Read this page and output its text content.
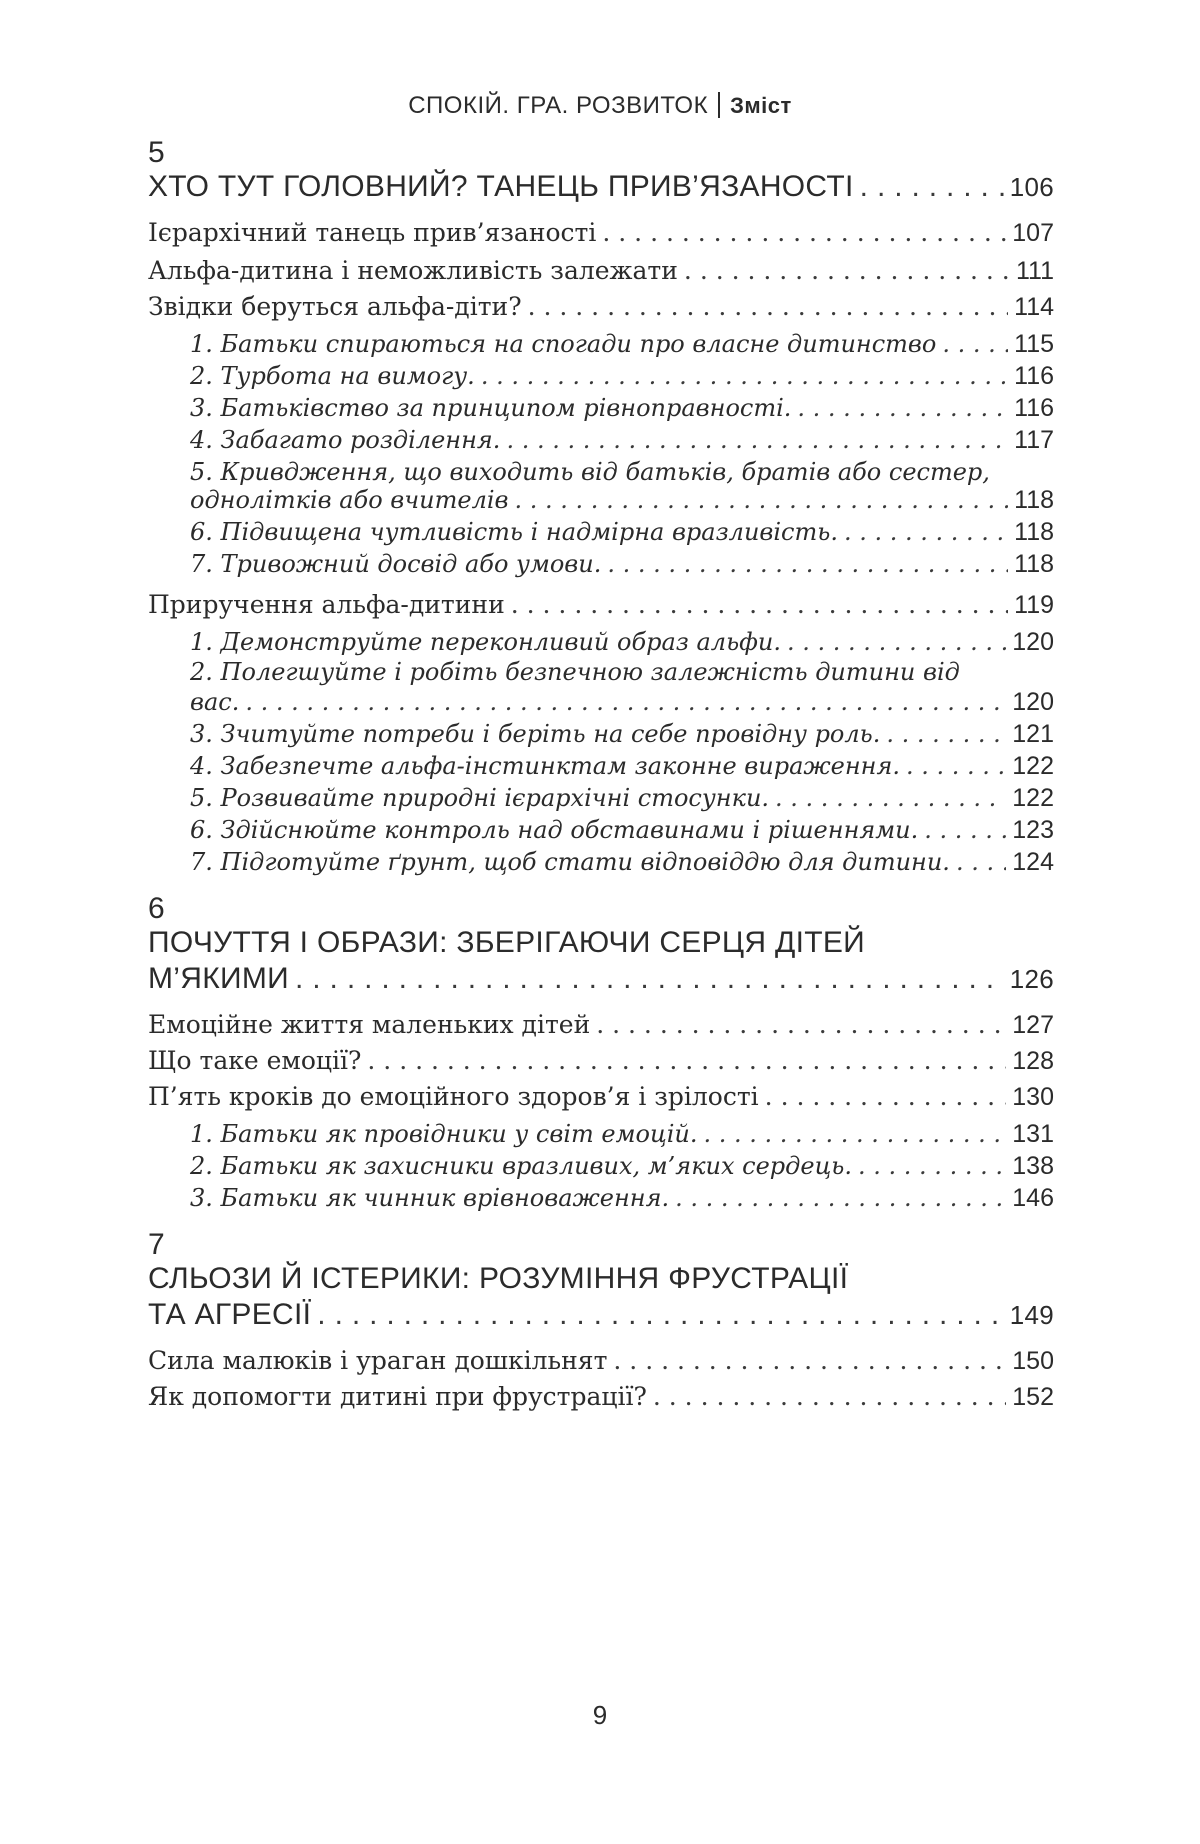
СПОКІЙ. ГРА. РОЗВИТОК Зміст
5
ХТО ТУТ ГОЛОВНИЙ? ТАНЕЦЬ ПРИВ’ЯЗАНОСТІ . . .	106
Ієрархічний танець прив’язаності . . .	107
Альфа-дитина і неможливість залежати . . .	111
Звідки беруться альфа-діти? . . .	114
1. Батьки спираються на спогади про власне дитинство . . .	115
2. Турбота на вимогу. . . .	116
3. Батьківство за принципом рівноправності. . . .	116
4. Забагато розділення. . . .	117
5. Кривдження, що виходить від батьків, братів або сестер,
однолітків або вчителів . . .	118
6. Підвищена чутливість і надмірна вразливість. . . .	118
7. Тривожний досвід або умови. . . .	118
Приручення альфа-дитини . . .	119
1. Демонструйте переконливий образ альфи. . . .	120
2. Полегшуйте і робіть безпечною залежність дитини від
вас. . . .	120
3. Зчитуйте потреби і беріть на себе провідну роль. . . .	121
4. Забезпечте альфа-інстинктам законне вираження. . . .	122
5. Розвивайте природні ієрархічні стосунки. . . .	122
6. Здійснюйте контроль над обставинами і рішеннями. . . .	123
7. Підготуйте ґрунт, щоб стати відповіддю для дитини. . . . 124
6
ПОЧУТТЯ І ОБРАЗИ: ЗБЕРІГАЮЧИ СЕРЦЯ ДІТЕЙ
М’ЯКИМИ . . .	126
Емоційне життя маленьких дітей . . .	127
Що таке емоції? . . .	128
П’ять кроків до емоційного здоров’я і зрілості . . .	130
1. Батьки як провідники у світ емоцій. . . .	131
2. Батьки як захисники вразливих, м’яких сердець. . . .	138
3. Батьки як чинник врівноваження. . . .	146
7
СЛЬОЗИ Й ІСТЕРИКИ: РОЗУМІННЯ ФРУСТРАЦІЇ
ТА АГРЕСІЇ . . .	149
Сила малюків і ураган дошкільнят . . .	150
Як допомогти дитині при фрустрації? . . .	152
9
